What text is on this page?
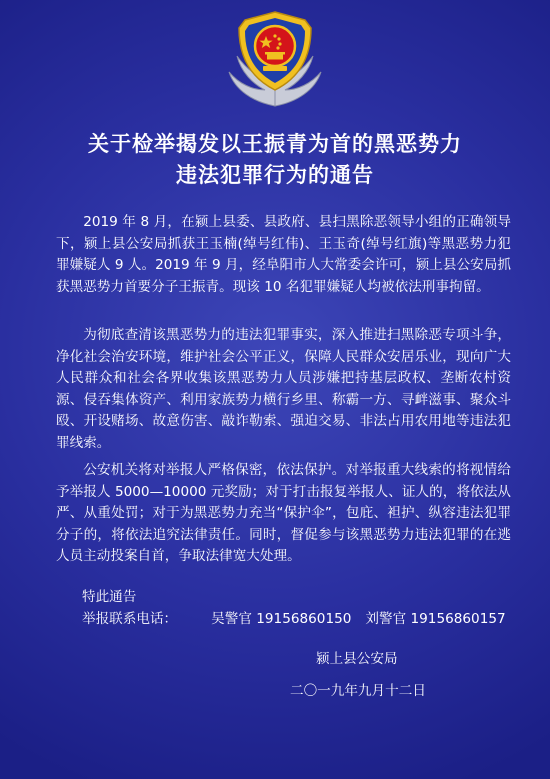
关于检举揭发以王振青为首的黑恶势力
违法犯罪行为的通告

2019 年 8 月，在颍上县委、县政府、县扫黑除恶领导小组的正确领导下，颍上县公安局抓获王玉楠(绰号红伟)、王玉奇(绰号红旗)等黑恶势力犯罪嫌疑人 9 人。2019 年 9 月，经阜阳市人大常委会许可，颍上县公安局抓获黑恶势力首要分子王振青。现该 10 名犯罪嫌疑人均被依法刑事拘留。

为彻底查清该黑恶势力的违法犯罪事实，深入推进扫黑除恶专项斗争，净化社会治安环境，维护社会公平正义，保障人民群众安居乐业，现向广大人民群众和社会各界收集该黑恶势力人员涉嫌把持基层政权、垄断农村资源、侵吞集体资产、利用家族势力横行乡里、称霸一方、寻衅滋事、聚众斗殴、开设赌场、故意伤害、敲诈勒索、强迫交易、非法占用农用地等违法犯罪线索。

公安机关将对举报人严格保密，依法保护。对举报重大线索的将视情给予举报人 5000—10000 元奖励；对于打击报复举报人、证人的，将依法从严、从重处罚；对于为黑恶势力充当“保护伞”，包庇、袒护、纵容违法犯罪分子的，将依法追究法律责任。同时，督促参与该黑恶势力违法犯罪的在逃人员主动投案自首，争取法律宽大处理。

特此通告
举报联系电话：	吴警官 19156860150 刘警官 19156860157
颍上县公安局
二〇一九年九月十二日
